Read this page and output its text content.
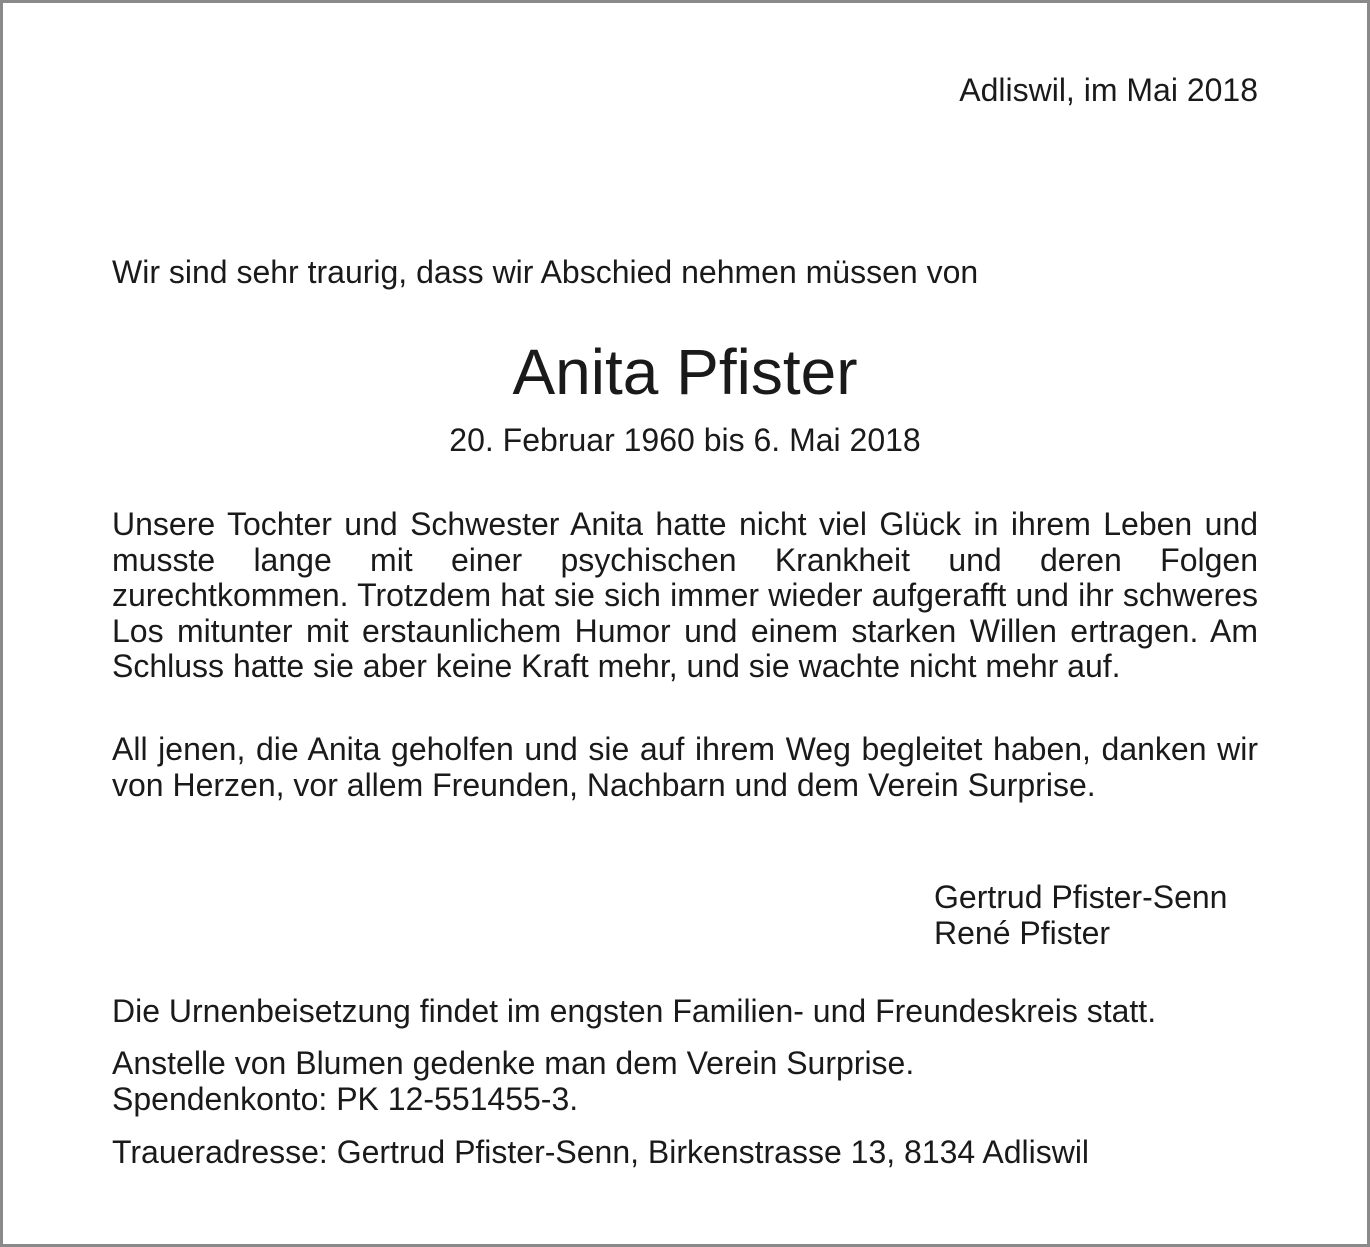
Adliswil, im Mai 2018
Wir sind sehr traurig, dass wir Abschied nehmen müssen von
Anita Pfister
20. Februar 1960 bis 6. Mai 2018

Unsere Tochter und Schwester Anita hatte nicht viel Glück in ihrem Leben und musste lange mit einer psychischen Krankheit und deren Folgen zurechtkommen. Trotzdem hat sie sich immer wieder aufgerafft und ihr schweres Los mitunter mit erstaunlichem Humor und einem starken Willen ertragen. Am Schluss hatte sie aber keine Kraft mehr, und sie wachte nicht mehr auf.

All jenen, die Anita geholfen und sie auf ihrem Weg begleitet haben, danken wir von Herzen, vor allem Freunden, Nachbarn und dem Verein Surprise.

Gertrud Pfister-Senn
René Pfister
Die Urnenbeisetzung findet im engsten Familien- und Freundeskreis statt.
Anstelle von Blumen gedenke man dem Verein Surprise.
Spendenkonto: PK 12-551455-3.
Traueradresse: Gertrud Pfister-Senn, Birkenstrasse 13, 8134 Adliswil
